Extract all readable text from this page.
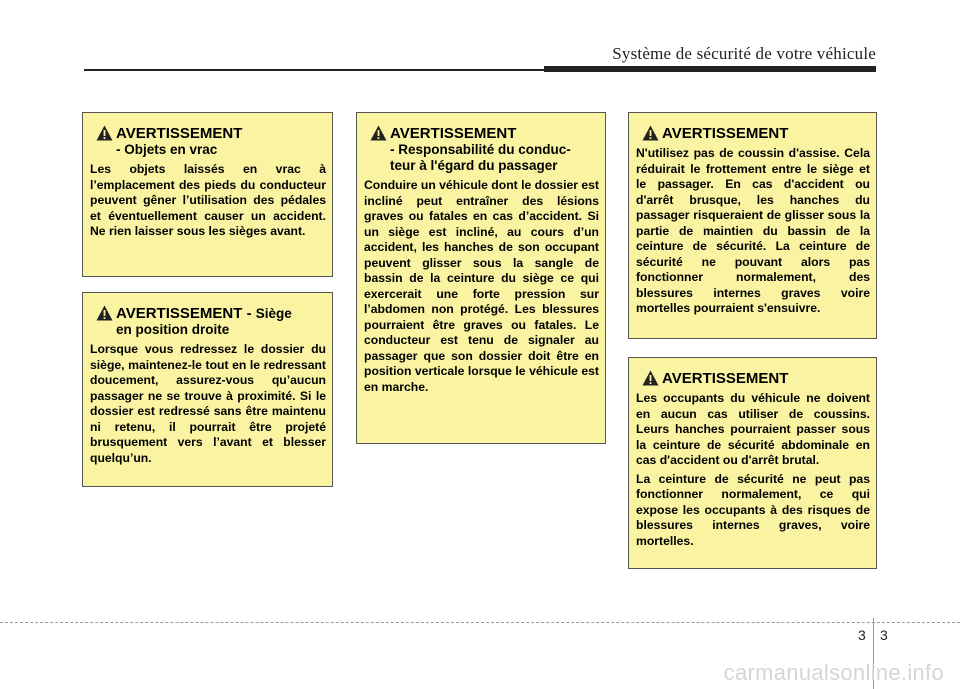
Système de sécurité de votre véhicule
AVERTISSEMENT
- Objets en vrac

Les objets laissés en vrac à l’emplacement des pieds du conducteur peuvent gêner l’utilisation des pédales et éventuellement causer un accident. Ne rien laisser sous les sièges avant.

AVERTISSEMENT - Siège
en position droite

Lorsque vous redressez le dossier du siège, maintenez-le tout en le redressant doucement, assurez-vous qu’aucun passager ne se trouve à proximité. Si le dossier est redressé sans être maintenu ni retenu, il pourrait être projeté brusquement vers l’avant et blesser quelqu’un.

AVERTISSEMENT
- Responsabilité du conduc-teur à l'égard du passager

Conduire un véhicule dont le dossier est incliné peut entraîner des lésions graves ou fatales en cas d’accident. Si un siège est incliné, au cours d’un accident, les hanches de son occupant peuvent glisser sous la sangle de bassin de la ceinture du siège ce qui exercerait une forte pression sur l’abdomen non protégé. Les blessures pourraient être graves ou fatales. Le conducteur est tenu de signaler au passager que son dossier doit être en position verticale lorsque le véhicule est en marche.

AVERTISSEMENT

N'utilisez pas de coussin d'assise. Cela réduirait le frottement entre le siège et le passager. En cas d'accident ou d'arrêt brusque, les hanches du passager risqueraient de glisser sous la partie de maintien du bassin de la ceinture de sécurité. La ceinture de sécurité ne pouvant alors pas fonctionner normalement, des blessures internes graves voire mortelles pourraient s'ensuivre.

AVERTISSEMENT

Les occupants du véhicule ne doivent en aucun cas utiliser de coussins. Leurs hanches pourraient passer sous la ceinture de sécurité abdominale en cas d'accident ou d'arrêt brutal.

La ceinture de sécurité ne peut pas fonctionner normalement, ce qui expose les occupants à des risques de blessures internes graves, voire mortelles.

3 3
carmanualsonline.info
